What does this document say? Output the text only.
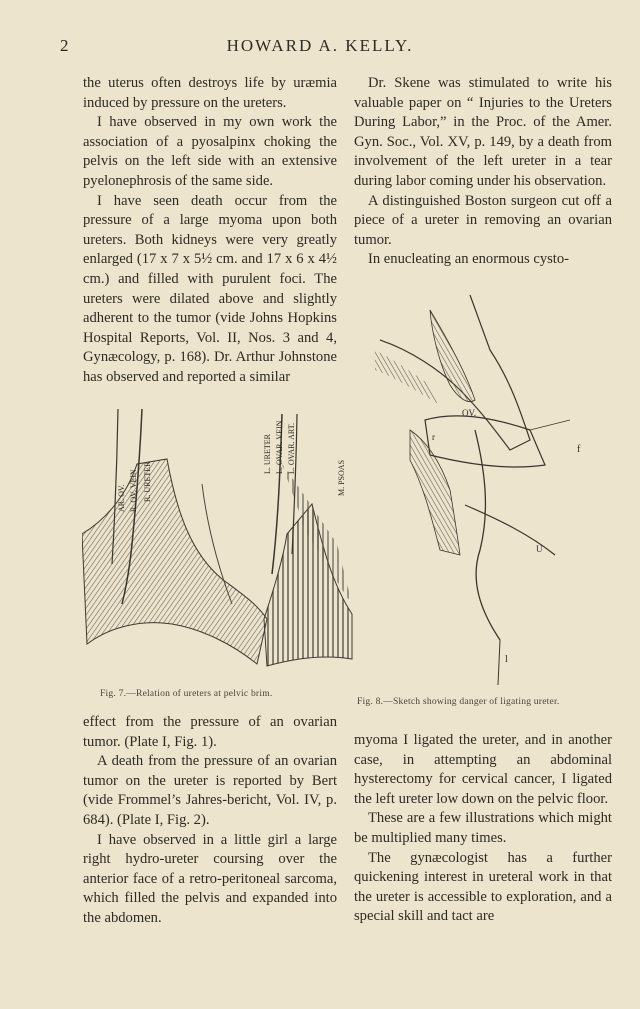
2	HOWARD A. KELLY.

the uterus often destroys life by uræmia induced by pressure on the ureters.

I have observed in my own work the association of a pyosalpinx choking the pelvis on the left side with an extensive pyelonephrosis of the same side.

I have seen death occur from the pressure of a large myoma upon both ureters. Both kidneys were very greatly enlarged (17 x 7 x 5½ cm. and 17 x 6 x 4½ cm.) and filled with purulent foci. The ureters were dilated above and slightly adherent to the tumor (vide Johns Hopkins Hospital Reports, Vol. II, Nos. 3 and 4, Gynæcology, p. 168). Dr. Arthur Johnstone has observed and reported a similar

Dr. Skene was stimulated to write his valuable paper on “ Injuries to the Ureters During Labor,” in the Proc. of the Amer. Gyn. Soc., Vol. XV, p. 149, by a death from involvement of the left ureter in a tear during labor coming under his observation.

A distinguished Boston surgeon cut off a piece of a ureter in removing an ovarian tumor.

In enucleating an enormous cysto-

AR. OV. R. OV. VEIN R. URETER
L. URETER L. OVAR. VEIN L. OVAR. ART.
M. PSOAS
Fig. 7.—Relation of ureters at pelvic brim.
OV.
r
f
U
l
Fig. 8.—Sketch showing danger of ligating ureter.

effect from the pressure of an ovarian tumor. (Plate I, Fig. 1).

A death from the pressure of an ovarian tumor on the ureter is reported by Bert (vide Frommel’s Jahres-bericht, Vol. IV, p. 684). (Plate I, Fig. 2).

I have observed in a little girl a large right hydro-ureter coursing over the anterior face of a retro-peritoneal sarcoma, which filled the pelvis and expanded into the abdomen.

myoma I ligated the ureter, and in another case, in attempting an abdominal hysterectomy for cervical cancer, I ligated the left ureter low down on the pelvic floor.

These are a few illustrations which might be multiplied many times.

The gynæcologist has a further quickening interest in ureteral work in that the ureter is accessible to exploration, and a special skill and tact are
